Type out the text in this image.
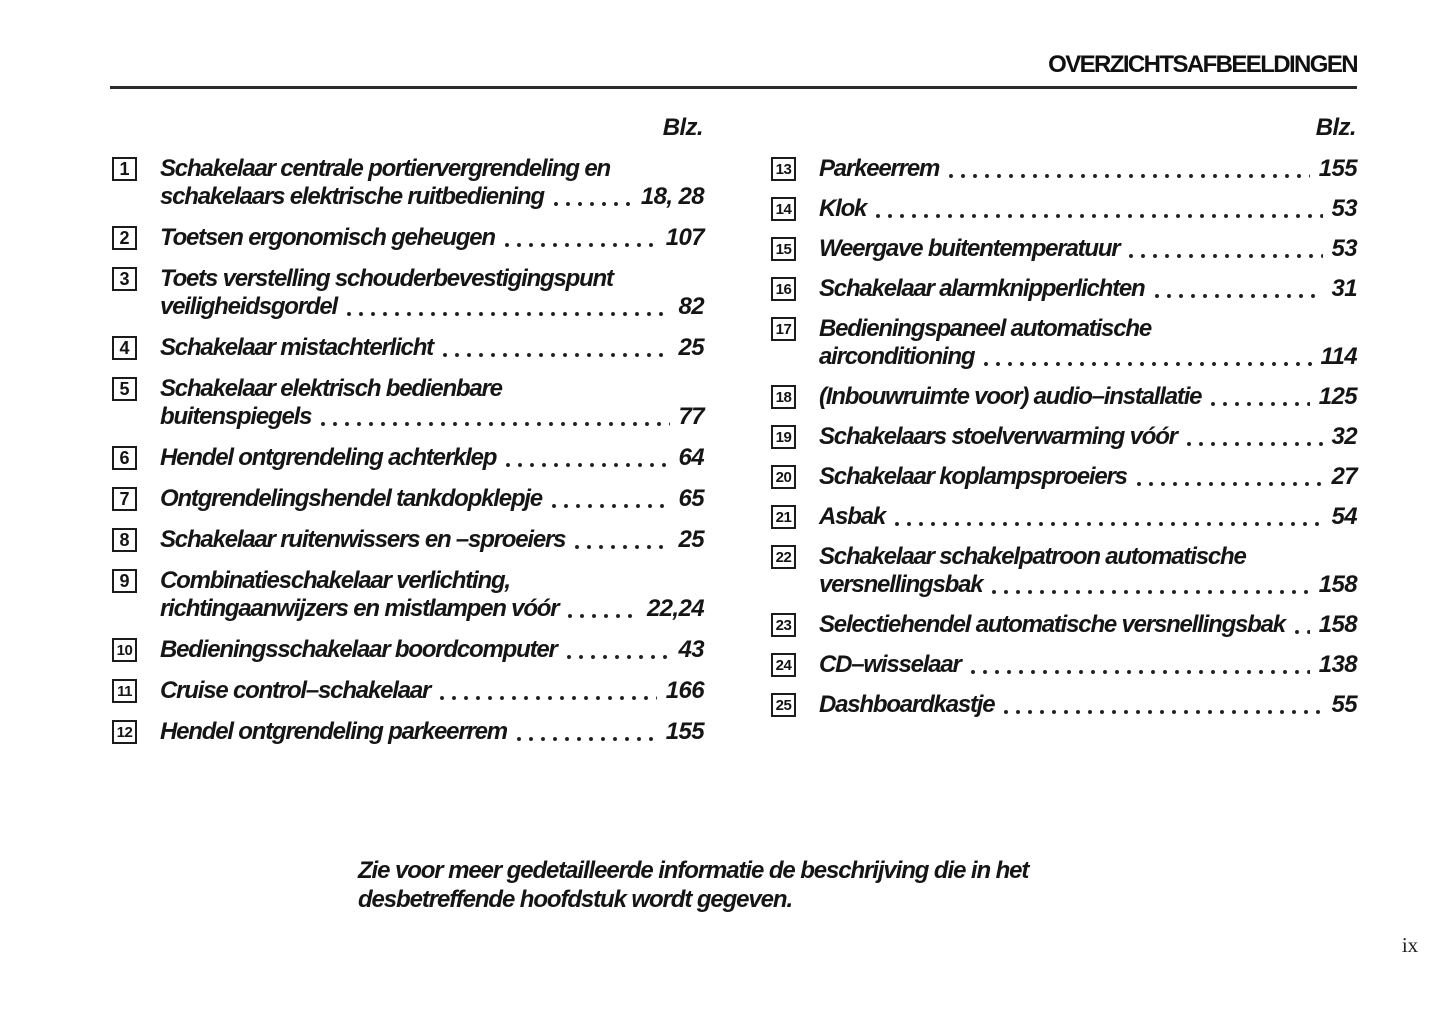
OVERZICHTSAFBEELDINGEN
Blz.
1	Schakelaar centrale portiervergrendeling en
schakelaars elektrische ruitbediening	18, 28
2	Toetsen ergonomisch geheugen	107
3	Toets verstelling schouderbevestigingspunt
veiligheidsgordel	82
4	Schakelaar mistachterlicht	25
5	Schakelaar elektrisch bedienbare
buitenspiegels	77
6	Hendel ontgrendeling achterklep	64
7	Ontgrendelingshendel tankdopklepje	65
8	Schakelaar ruitenwissers en –sproeiers	25
9	Combinatieschakelaar verlichting,
richtingaanwijzers en mistlampen vóór	22,24
10 Bedieningsschakelaar boordcomputer	43
11 Cruise control–schakelaar	166
12 Hendel ontgrendeling parkeerrem	155
Blz.
13 Parkeerrem	155
14 Klok	53
15 Weergave buitentemperatuur	53
16 Schakelaar alarmknipperlichten	31
17 Bedieningspaneel automatische
airconditioning	114
18 (Inbouwruimte voor) audio–installatie	125
19 Schakelaars stoelverwarming vóór	32
20 Schakelaar koplampsproeiers	27
21 Asbak	54
22 Schakelaar schakelpatroon automatische
versnellingsbak	158
23 Selectiehendel automatische versnellingsbak 158
24 CD–wisselaar	138
25 Dashboardkastje	55
Zie voor meer gedetailleerde informatie de beschrijving die in het
desbetreffende hoofdstuk wordt gegeven.
ix
